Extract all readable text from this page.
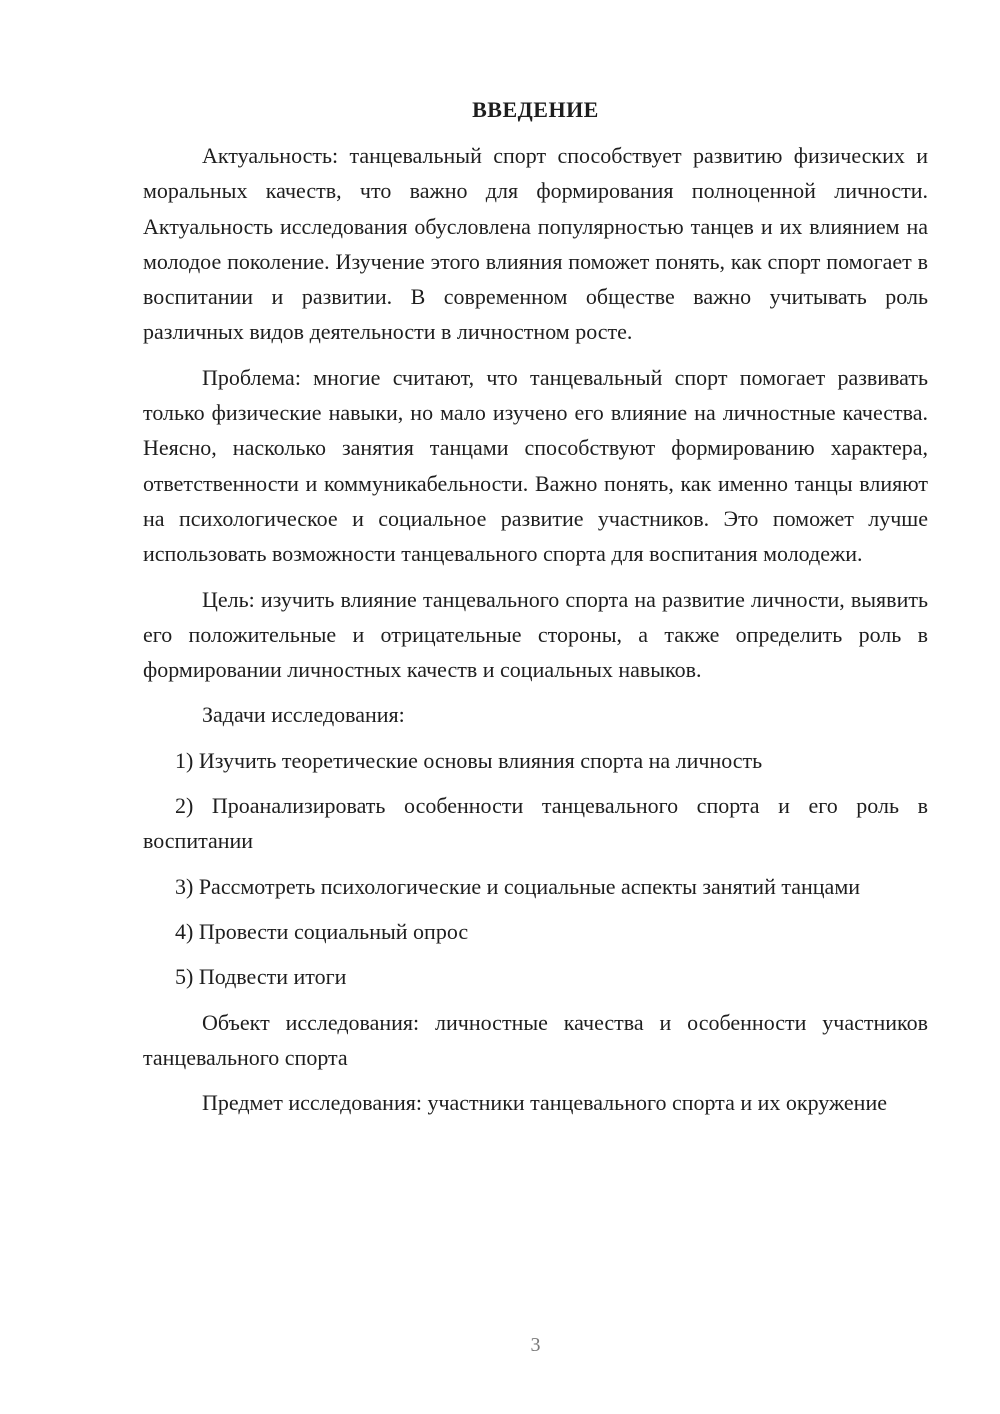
ВВЕДЕНИЕ

Актуальность: танцевальный спорт способствует развитию физических и моральных качеств, что важно для формирования полноценной личности. Актуальность исследования обусловлена популярностью танцев и их влиянием на молодое поколение. Изучение этого влияния поможет понять, как спорт помогает в воспитании и развитии. В современном обществе важно учитывать роль различных видов деятельности в личностном росте.

Проблема: многие считают, что танцевальный спорт помогает развивать только физические навыки, но мало изучено его влияние на личностные качества. Неясно, насколько занятия танцами способствуют формированию характера, ответственности и коммуникабельности. Важно понять, как именно танцы влияют на психологическое и социальное развитие участников. Это поможет лучше использовать возможности танцевального спорта для воспитания молодежи.

Цель: изучить влияние танцевального спорта на развитие личности, выявить его положительные и отрицательные стороны, а также определить роль в формировании личностных качеств и социальных навыков.

Задачи исследования:

1) Изучить теоретические основы влияния спорта на личность
2) Проанализировать особенности танцевального спорта и его роль в воспитании
3) Рассмотреть психологические и социальные аспекты занятий танцами
4) Провести социальный опрос
5) Подвести итоги

Объект исследования: личностные качества и особенности участников танцевального спорта

Предмет исследования: участники танцевального спорта и их окружение

3
